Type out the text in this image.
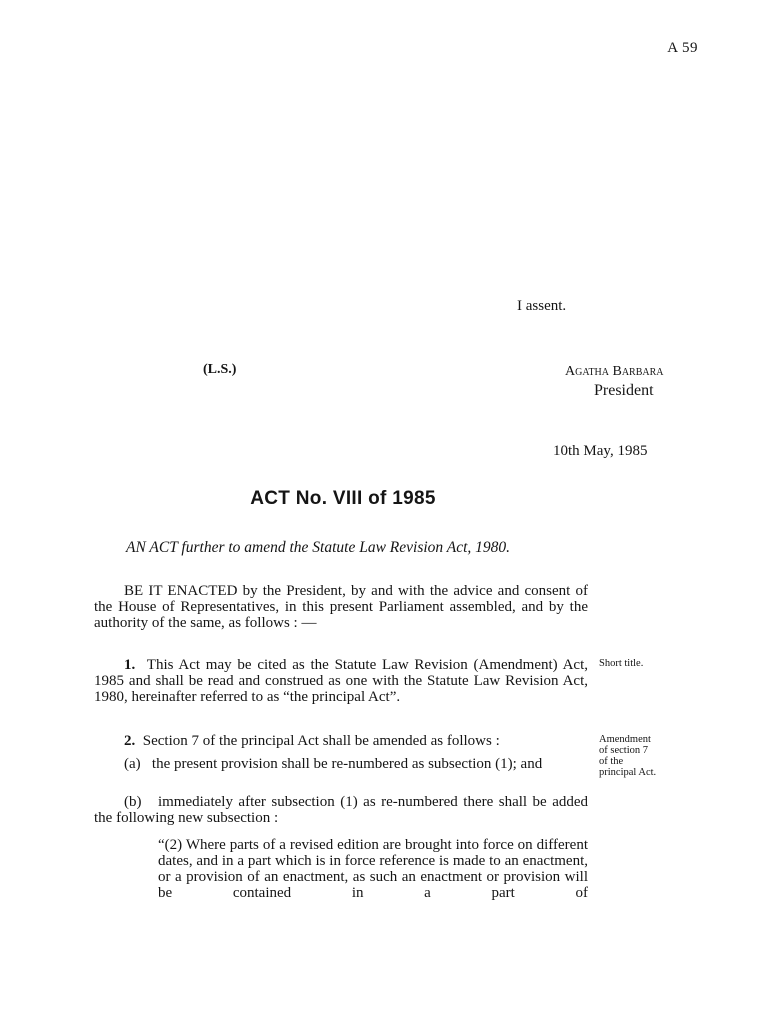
A 59
I assent.
(L.S.)	Agatha Barbara
President
10th May, 1985
ACT No. VIII of 1985
AN ACT further to amend the Statute Law Revision Act, 1980.
BE IT ENACTED by the President, by and with the advice and consent of the House of Representatives, in this present Parliament assembled, and by the authority of the same, as follows : —
1. This Act may be cited as the Statute Law Revision (Amendment) Act, 1985 and shall be read and construed as one with the Statute Law Revision Act, 1980, hereinafter referred to as “the principal Act”.
Short title.
2. Section 7 of the principal Act shall be amended as follows :	Amendment
of section 7
of the
principal Act.
(a) the present provision shall be re-numbered as subsection (1); and
(b) immediately after subsection (1) as re-numbered there shall be added the following new subsection :
“(2) Where parts of a revised edition are brought into force on different dates, and in a part which is in force reference is made to an enactment, or a provision of an enactment, as such an enactment or provision will be contained in a part of
